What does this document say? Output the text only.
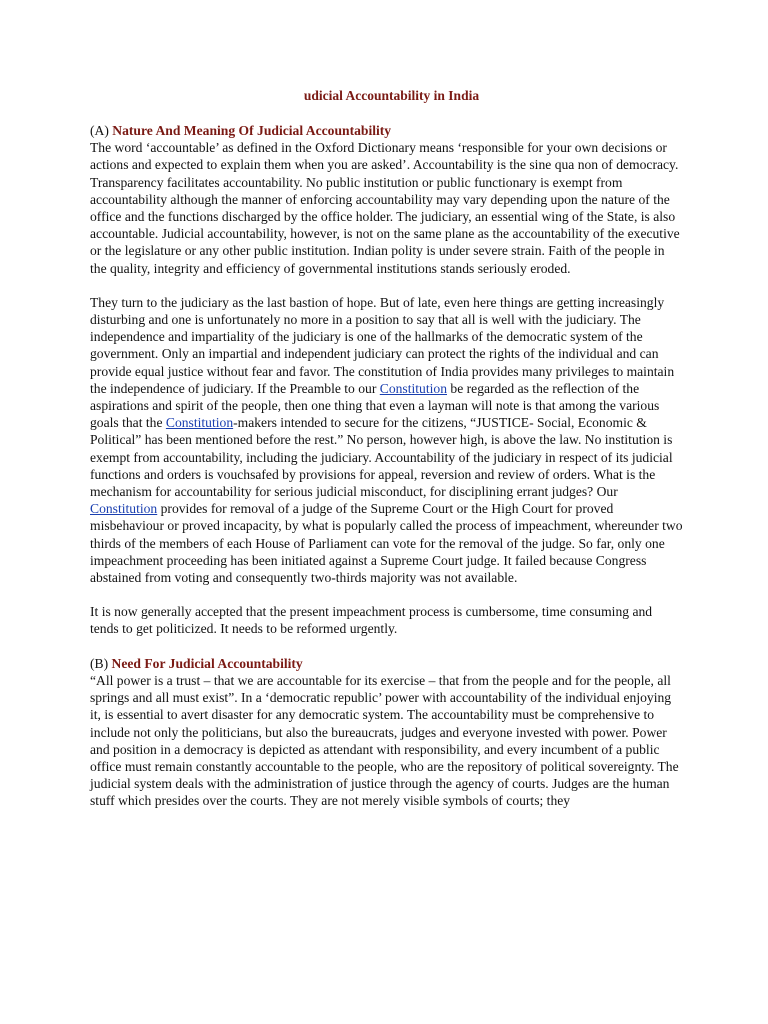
udicial Accountability in India
(A) Nature And Meaning Of Judicial Accountability

The word ‘accountable’ as defined in the Oxford Dictionary means ‘responsible for your own decisions or actions and expected to explain them when you are asked’. Accountability is the sine qua non of democracy. Transparency facilitates accountability. No public institution or public functionary is exempt from accountability although the manner of enforcing accountability may vary depending upon the nature of the office and the functions discharged by the office holder. The judiciary, an essential wing of the State, is also accountable. Judicial accountability, however, is not on the same plane as the accountability of the executive or the legislature or any other public institution. Indian polity is under severe strain. Faith of the people in the quality, integrity and efficiency of governmental institutions stands seriously eroded.

They turn to the judiciary as the last bastion of hope. But of late, even here things are getting increasingly disturbing and one is unfortunately no more in a position to say that all is well with the judiciary. The independence and impartiality of the judiciary is one of the hallmarks of the democratic system of the government. Only an impartial and independent judiciary can protect the rights of the individual and can provide equal justice without fear and favor. The constitution of India provides many privileges to maintain the independence of judiciary. If the Preamble to our Constitution be regarded as the reflection of the aspirations and spirit of the people, then one thing that even a layman will note is that among the various goals that the Constitution-makers intended to secure for the citizens, “JUSTICE- Social, Economic & Political” has been mentioned before the rest.” No person, however high, is above the law. No institution is exempt from accountability, including the judiciary. Accountability of the judiciary in respect of its judicial functions and orders is vouchsafed by provisions for appeal, reversion and review of orders. What is the mechanism for accountability for serious judicial misconduct, for disciplining errant judges? Our Constitution provides for removal of a judge of the Supreme Court or the High Court for proved misbehaviour or proved incapacity, by what is popularly called the process of impeachment, whereunder two thirds of the members of each House of Parliament can vote for the removal of the judge. So far, only one impeachment proceeding has been initiated against a Supreme Court judge. It failed because Congress abstained from voting and consequently two-thirds majority was not available.

It is now generally accepted that the present impeachment process is cumbersome, time consuming and tends to get politicized. It needs to be reformed urgently.

(B) Need For Judicial Accountability

“All power is a trust – that we are accountable for its exercise – that from the people and for the people, all springs and all must exist”. In a ‘democratic republic’ power with accountability of the individual enjoying it, is essential to avert disaster for any democratic system. The accountability must be comprehensive to include not only the politicians, but also the bureaucrats, judges and everyone invested with power. Power and position in a democracy is depicted as attendant with responsibility, and every incumbent of a public office must remain constantly accountable to the people, who are the repository of political sovereignty. The judicial system deals with the administration of justice through the agency of courts. Judges are the human stuff which presides over the courts. They are not merely visible symbols of courts; they
